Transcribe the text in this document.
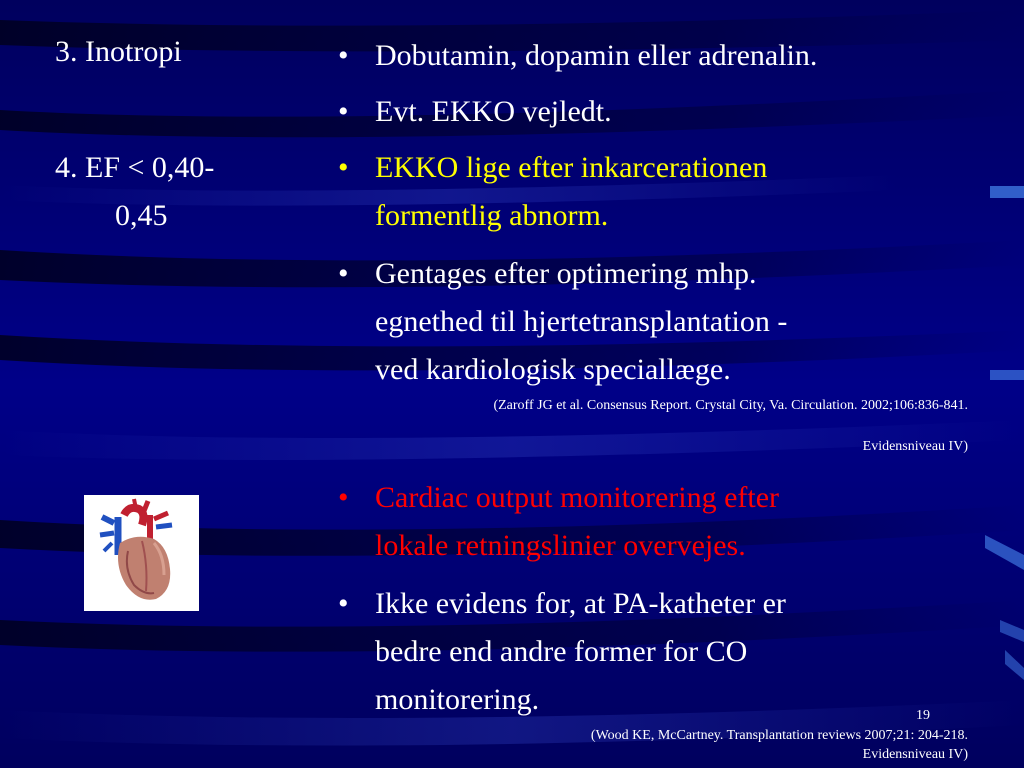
3. Inotropi
4. EF < 0,40-
0,45
• Dobutamin, dopamin eller adrenalin.
• Evt. EKKO vejledt.
• EKKO lige efter inkarcerationen
formentlig abnorm.
• Gentages efter optimering mhp.
egnethed til hjertetransplantation -
ved kardiologisk speciallæge.
(Zaroff JG et al. Consensus Report. Crystal City, Va. Circulation. 2002;106:836-841.
Evidensniveau IV)
• Cardiac output monitorering efter
lokale retningslinier overvejes.
• Ikke evidens for, at PA-katheter er
bedre end andre former for CO
monitorering.	19
(Wood KE, McCartney. Transplantation reviews 2007;21: 204-218.
Evidensniveau IV)
